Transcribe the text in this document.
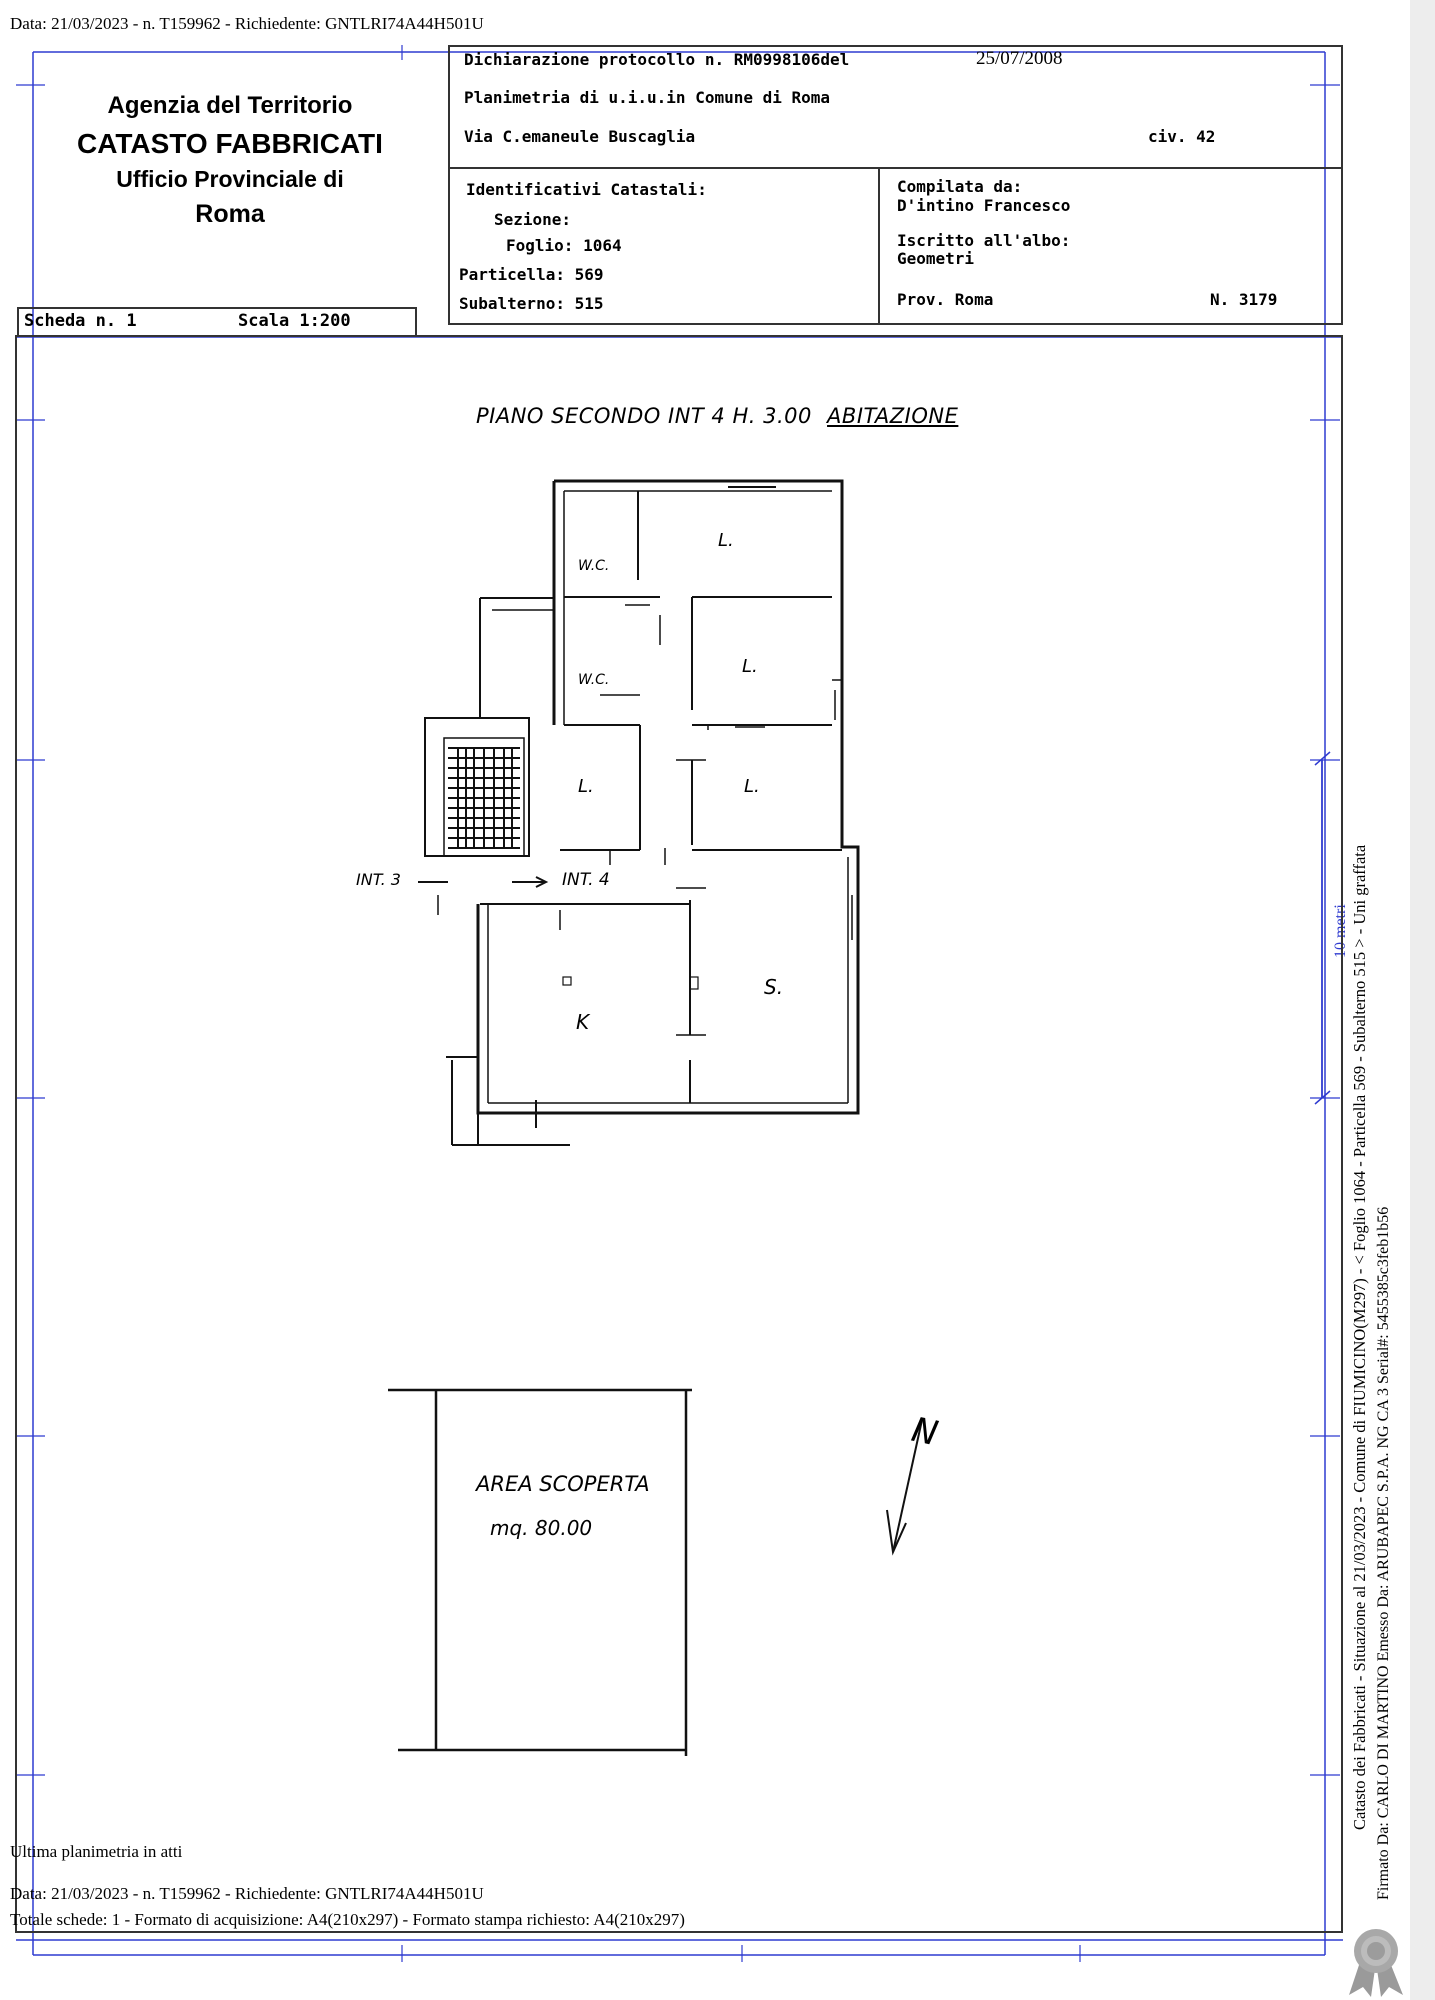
Data: 21/03/2023 - n. T159962 - Richiedente: GNTLRI74A44H501U
10 metri
Agenzia del Territorio
CATASTO FABBRICATI
Ufficio Provinciale di
Roma
Scheda n. 1	Scala 1:200
Dichiarazione protocollo n. RM0998106del	25/07/2008
Planimetria di u.i.u.in Comune di Roma
Via C.emaneule Buscaglia	civ. 42
Identificativi Catastali:
Sezione:
Foglio: 1064
Particella: 569
Subalterno: 515
Compilata da:
D'intino Francesco
Iscritto all'albo:
Geometri
Prov. Roma	N. 3179
PIANO SECONDO INT 4 H. 3.00 ABITAZIONE
W.C.
L.
W.C.
L.
L.	L.
S.
K
INT. 3	INT. 4
AREA SCOPERTA
mq. 80.00
N	Catasto dei Fabbricati - Situazione al 21/03/2023 - Comune di FIUMICINO(M297) - < Foglio 1064 - Particella 569 - Subalterno 515 > - Uni graffata Firmato Da: CARLO DI MARTINO Emesso Da: ARUBAPEC S.P.A. NG CA 3 Serial#: 5455385c3feb1b56
Ultima planimetria in atti
Data: 21/03/2023 - n. T159962 - Richiedente: GNTLRI74A44H501U
Totale schede: 1 - Formato di acquisizione: A4(210x297) - Formato stampa richiesto: A4(210x297)
